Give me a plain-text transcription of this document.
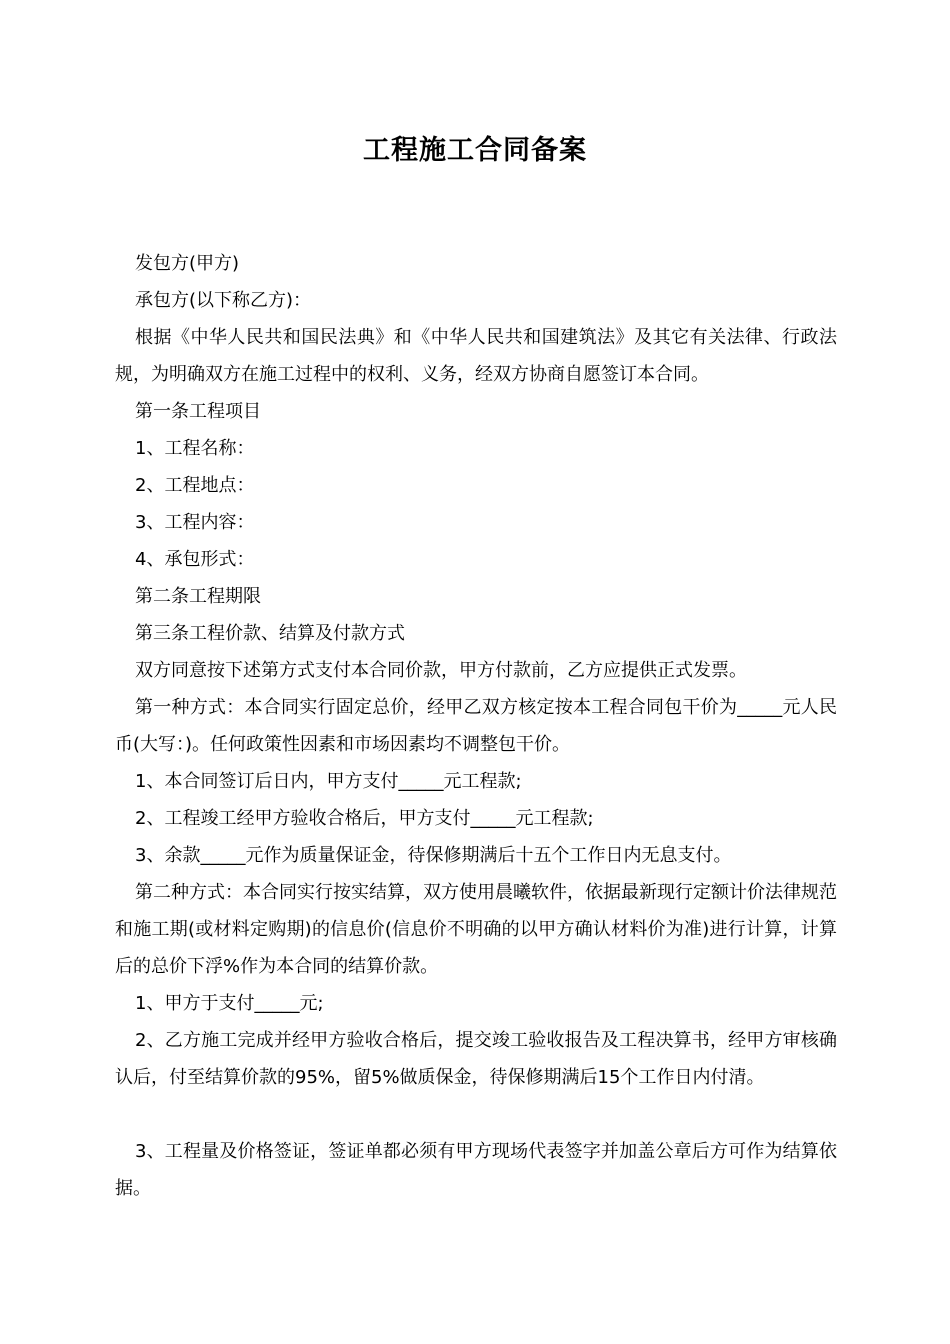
工程施工合同备案

发包方(甲方)

承包方(以下称乙方)：

根据《中华人民共和国民法典》和《中华人民共和国建筑法》及其它有关法律、行政法规，为明确双方在施工过程中的权利、义务，经双方协商自愿签订本合同。

第一条工程项目

1、工程名称：

2、工程地点：

3、工程内容：

4、承包形式：

第二条工程期限

第三条工程价款、结算及付款方式

双方同意按下述第方式支付本合同价款，甲方付款前，乙方应提供正式发票。

第一种方式：本合同实行固定总价，经甲乙双方核定按本工程合同包干价为_____元人民币(大写：)。任何政策性因素和市场因素均不调整包干价。

1、本合同签订后日内，甲方支付_____元工程款;

2、工程竣工经甲方验收合格后，甲方支付_____元工程款;

3、余款_____元作为质量保证金，待保修期满后十五个工作日内无息支付。

第二种方式：本合同实行按实结算，双方使用晨曦软件，依据最新现行定额计价法律规范和施工期(或材料定购期)的信息价(信息价不明确的以甲方确认材料价为准)进行计算，计算后的总价下浮%作为本合同的结算价款。

1、甲方于支付_____元;

2、乙方施工完成并经甲方验收合格后，提交竣工验收报告及工程决算书，经甲方审核确认后，付至结算价款的95%，留5%做质保金，待保修期满后15个工作日内付清。

3、工程量及价格签证，签证单都必须有甲方现场代表签字并加盖公章后方可作为结算依据。
